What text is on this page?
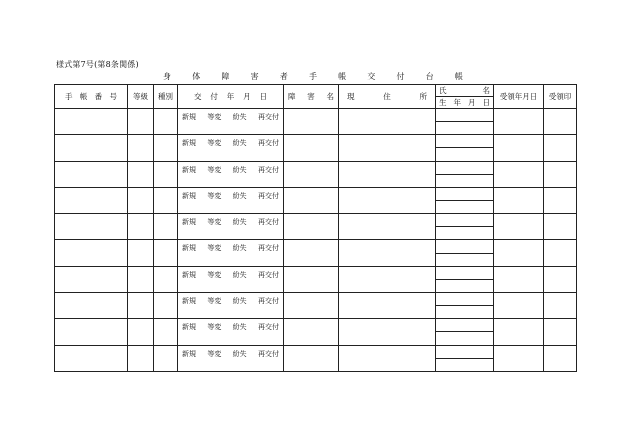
様式第7号(第8条関係)
身	体	障	害	者	手	帳	交	付	台	帳
手 帳 番 号	等級	種別	交 付 年 月 日	障 害 名	現 住 所	氏 名	受領年月日	受領印

						生 年 月 日		

			新規 等変 紛失 再交付					

			新規 等変 紛失 再交付					

			新規 等変 紛失 再交付					

			新規 等変 紛失 再交付					

			新規 等変 紛失 再交付					

			新規 等変 紛失 再交付					

			新規 等変 紛失 再交付					

			新規 等変 紛失 再交付					

			新規 等変 紛失 再交付					

			新規 等変 紛失 再交付					
